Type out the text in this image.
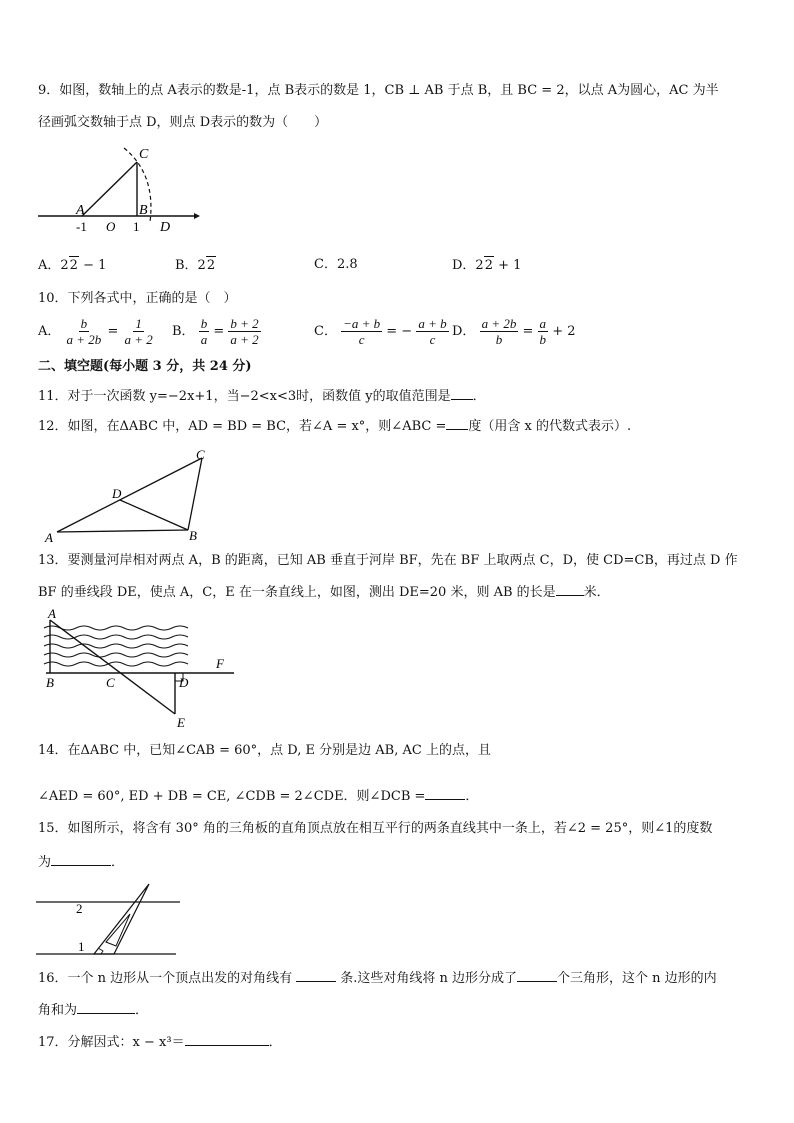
9．如图，数轴上的点 A表示的数是-1，点 B表示的数是 1，CB ⊥ AB 于点 B，且 BC = 2，以点 A为圆心，AC 为半
径画弧交数轴于点 D，则点 D表示的数为（　　）
C
A	B
-1 O 1 D
A．22 − 1	B．22	C．2.8	D．22 + 1
10．下列各式中，正确的是（　）
A． $\frac{b}{a + 2b} = \frac{1}{a + 2}$ B． $\frac{b}{a} = \frac{b + 2}{a + 2}$	C． $\frac{-a + b}{c}$ = − $\frac{a + b}{c}$ D． $\frac{a + 2b}{b} = \frac{a}{b} + 2$
二、填空题(每小题 3 分，共 24 分)
11．对于一次函数 y=−2x+1，当−2<x<3时，函数值 y的取值范围是 ．
12．如图，在ΔABC 中，AD = BD = BC，若∠A = x°，则∠ABC = 度（用含 x 的代数式表示）.
C
D
A	B
13．要测量河岸相对两点 A，B 的距离，已知 AB 垂直于河岸 BF，先在 BF 上取两点 C，D，使 CD=CB，再过点 D 作
BF 的垂线段 DE，使点 A，C，E 在一条直线上，如图，测出 DE=20 米，则 AB 的长是 米．
A
F
B	C	D
E
14．在ΔABC 中，已知∠CAB = 60°，点 D, E 分别是边 AB, AC 上的点，且
∠AED = 60°, ED + DB = CE, ∠CDB = 2∠CDE．则∠DCB =	．
15．如图所示，将含有 30° 角的三角板的直角顶点放在相互平行的两条直线其中一条上，若∠2 = 25°，则∠1的度数
为	．
2
1
16．一个 n 边形从一个顶点出发的对角线有	条.这些对角线将 n 边形分成了	个三角形，这个 n 边形的内
角和为	．
17．分解因式：x − x³＝	．
